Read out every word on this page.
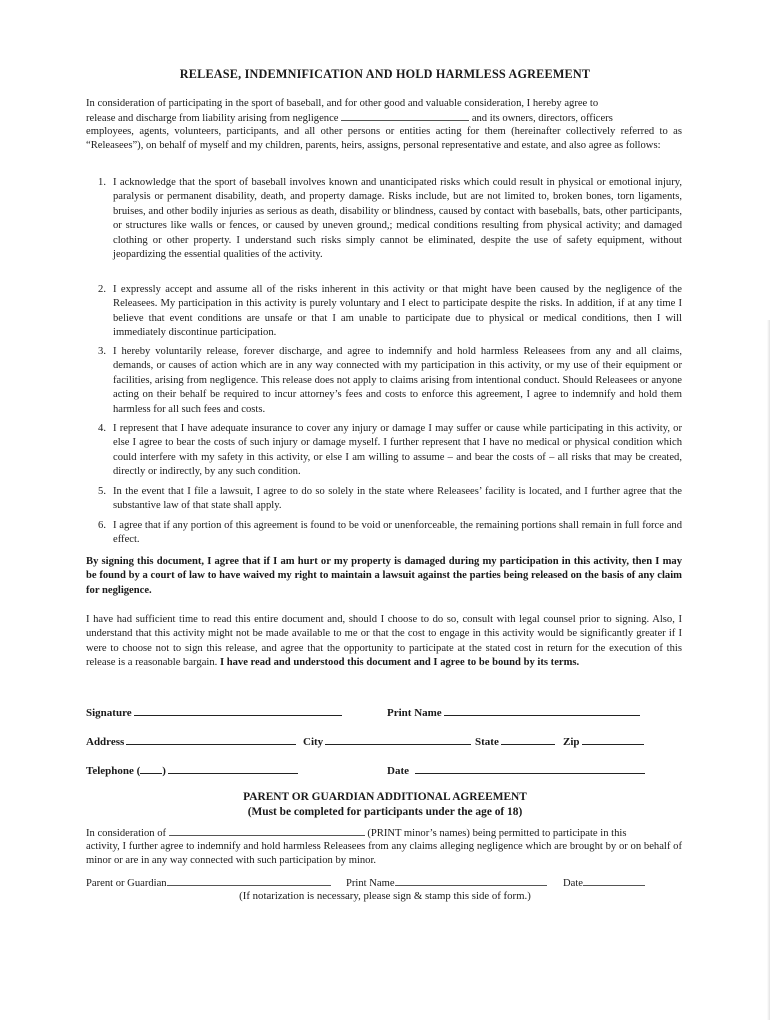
RELEASE, INDEMNIFICATION AND HOLD HARMLESS AGREEMENT
In consideration of participating in the sport of baseball, and for other good and valuable consideration, I hereby agree to
release and discharge from liability arising from negligence	and its owners, directors, officers
employees, agents, volunteers, participants, and all other persons or entities acting for them (hereinafter collectively referred to as “Releasees”), on behalf of myself and my children, parents, heirs, assigns, personal representative and estate, and also agree as follows:
1. I acknowledge that the sport of baseball involves known and unanticipated risks which could result in physical or emotional injury, paralysis or permanent disability, death, and property damage. Risks include, but are not limited to, broken bones, torn ligaments, bruises, and other bodily injuries as serious as death, disability or blindness, caused by contact with baseballs, bats, other participants, or structures like walls or fences, or caused by uneven ground,; medical conditions resulting from physical activity; and damaged clothing or other property. I understand such risks simply cannot be eliminated, despite the use of safety equipment, without jeopardizing the essential qualities of the activity.
2. I expressly accept and assume all of the risks inherent in this activity or that might have been caused by the negligence of the Releasees. My participation in this activity is purely voluntary and I elect to participate despite the risks. In addition, if at any time I believe that event conditions are unsafe or that I am unable to participate due to physical or medical conditions, then I will immediately discontinue participation.
3. I hereby voluntarily release, forever discharge, and agree to indemnify and hold harmless Releasees from any and all claims, demands, or causes of action which are in any way connected with my participation in this activity, or my use of their equipment or facilities, arising from negligence. This release does not apply to claims arising from intentional conduct. Should Releasees or anyone acting on their behalf be required to incur attorney’s fees and costs to enforce this agreement, I agree to indemnify and hold them harmless for all such fees and costs.
4. I represent that I have adequate insurance to cover any injury or damage I may suffer or cause while participating in this activity, or else I agree to bear the costs of such injury or damage myself. I further represent that I have no medical or physical condition which could interfere with my safety in this activity, or else I am willing to assume – and bear the costs of – all risks that may be created, directly or indirectly, by any such condition.
5. In the event that I file a lawsuit, I agree to do so solely in the state where Releasees’ facility is located, and I further agree that the substantive law of that state shall apply.
6. I agree that if any portion of this agreement is found to be void or unenforceable, the remaining portions shall remain in full force and effect.
By signing this document, I agree that if I am hurt or my property is damaged during my participation in this activity, then I may be found by a court of law to have waived my right to maintain a lawsuit against the parties being released on the basis of any claim for negligence.
I have had sufficient time to read this entire document and, should I choose to do so, consult with legal counsel prior to signing. Also, I understand that this activity might not be made available to me or that the cost to engage in this activity would be significantly greater if I were to choose not to sign this release, and agree that the opportunity to participate at the stated cost in return for the execution of this release is a reasonable bargain. I have read and understood this document and I agree to be bound by its terms.
Signature	Print Name
Address	City	State	Zip
Telephone ( )	Date
PARENT OR GUARDIAN ADDITIONAL AGREEMENT
(Must be completed for participants under the age of 18)
In consideration of	(PRINT minor’s names) being permitted to participate in this
activity, I further agree to indemnify and hold harmless Releasees from any claims alleging negligence which are brought by or on behalf of minor or are in any way connected with such participation by minor.
Parent or Guardian	Print Name	Date
(If notarization is necessary, please sign & stamp this side of form.)
